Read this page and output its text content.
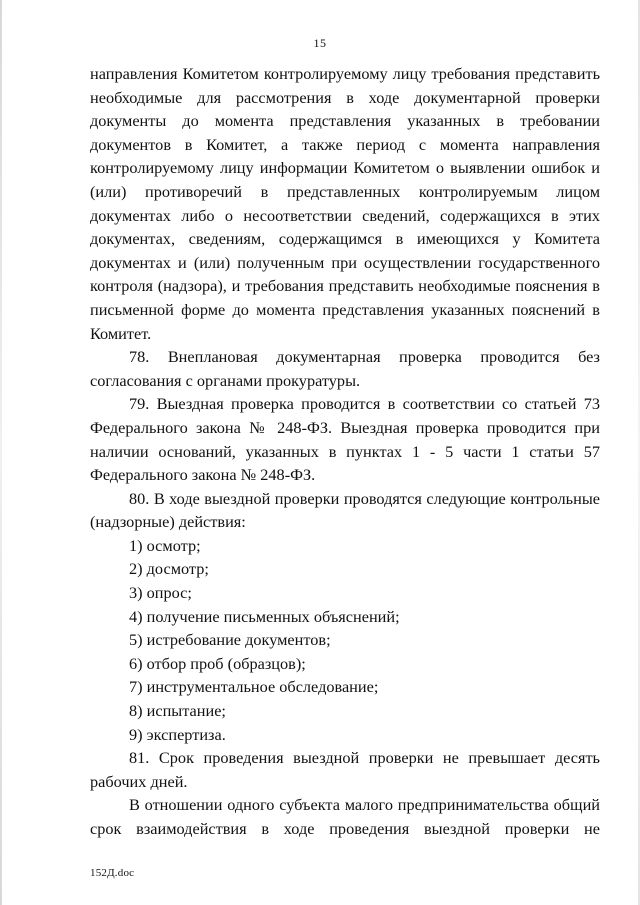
15

направления Комитетом контролируемому лицу требования представить необходимые для рассмотрения в ходе документарной проверки документы до момента представления указанных в требовании документов в Комитет, а также период с момента направления контролируемому лицу информации Комитетом о выявлении ошибок и (или) противоречий в представленных контролируемым лицом документах либо о несоответствии сведений, содержащихся в этих документах, сведениям, содержащимся в имеющихся у Комитета документах и (или) полученным при осуществлении государственного контроля (надзора), и требования представить необходимые пояснения в письменной форме до момента представления указанных пояснений в Комитет.

78. Внеплановая документарная проверка проводится без согласования с органами прокуратуры.

79. Выездная проверка проводится в соответствии со статьей 73 Федерального закона № 248-ФЗ. Выездная проверка проводится при наличии оснований, указанных в пунктах 1 - 5 части 1 статьи 57 Федерального закона № 248-ФЗ.

80. В ходе выездной проверки проводятся следующие контрольные (надзорные) действия:

1) осмотр;

2) досмотр;

3) опрос;

4) получение письменных объяснений;

5) истребование документов;

6) отбор проб (образцов);

7) инструментальное обследование;

8) испытание;

9) экспертиза.

81. Срок проведения выездной проверки не превышает десять рабочих дней.

В отношении одного субъекта малого предпринимательства общий срок взаимодействия в ходе проведения выездной проверки не

152Д.doc
